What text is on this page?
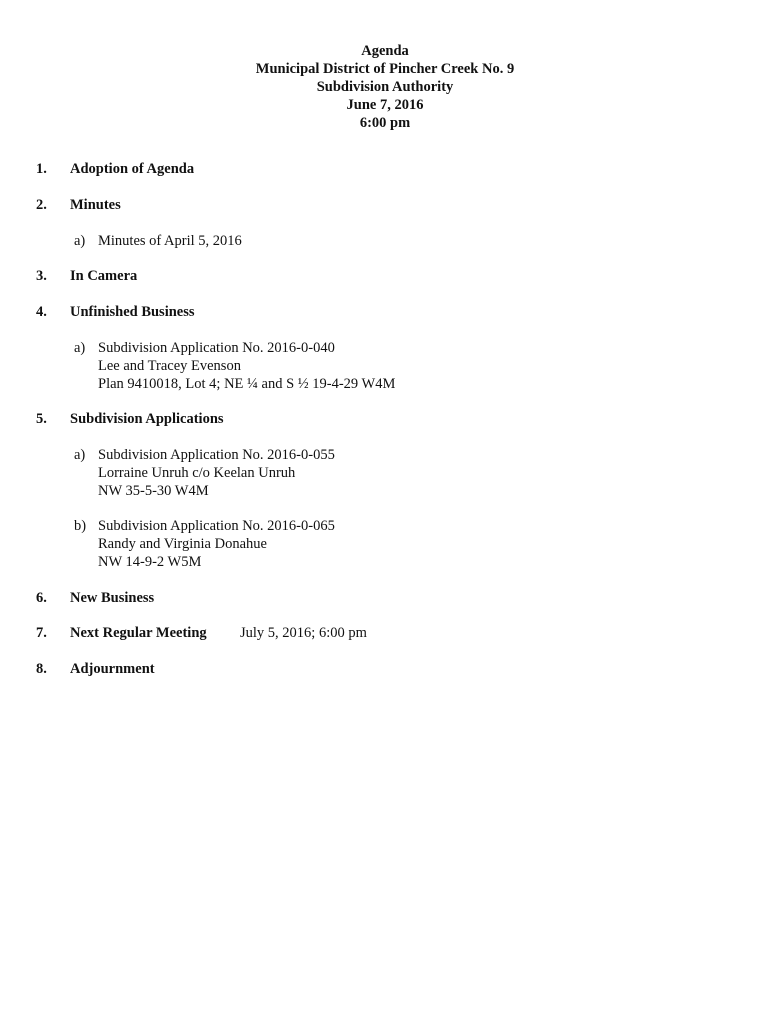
Agenda
Municipal District of Pincher Creek No. 9
Subdivision Authority
June 7, 2016
6:00 pm
1. Adoption of Agenda
2. Minutes
a) Minutes of April 5, 2016
3. In Camera
4. Unfinished Business
a) Subdivision Application No. 2016-0-040
Lee and Tracey Evenson
Plan 9410018, Lot 4; NE ¼ and S ½ 19-4-29 W4M
5. Subdivision Applications
a) Subdivision Application No. 2016-0-055
Lorraine Unruh c/o Keelan Unruh
NW 35-5-30 W4M
b) Subdivision Application No. 2016-0-065
Randy and Virginia Donahue
NW 14-9-2 W5M
6. New Business
7. Next Regular Meeting July 5, 2016; 6:00 pm
8. Adjournment
